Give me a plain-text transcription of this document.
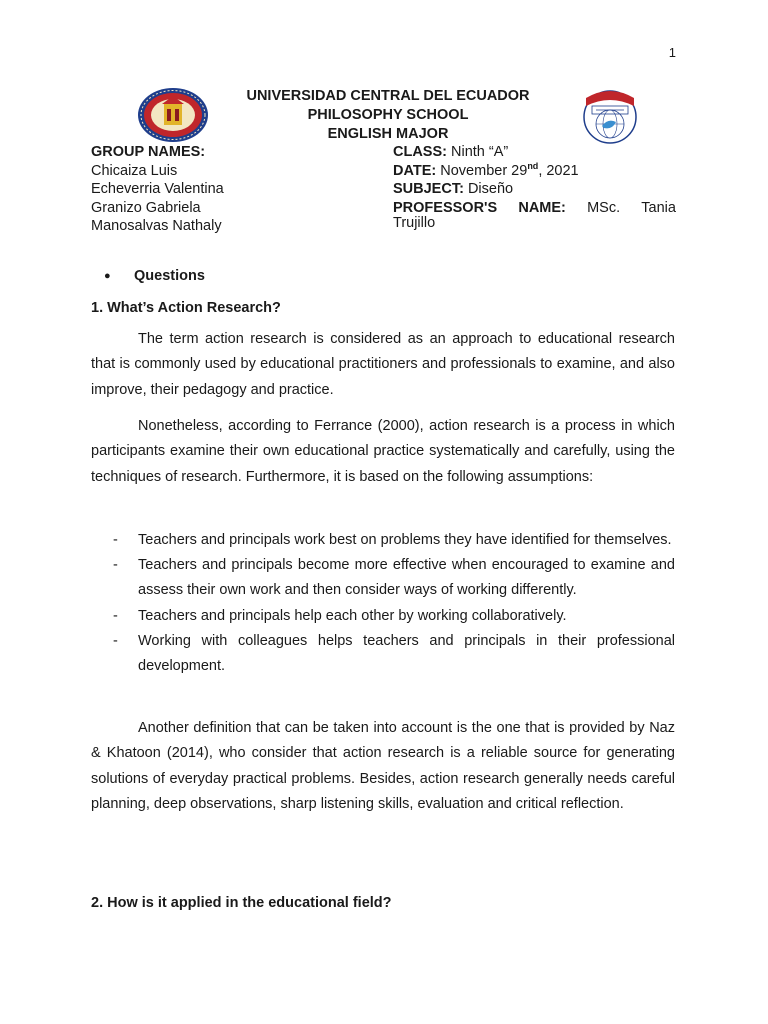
1
UNIVERSIDAD CENTRAL DEL ECUADOR
PHILOSOPHY SCHOOL
ENGLISH MAJOR
GROUP NAMES:
Chicaiza Luis
Echeverria Valentina
Granizo Gabriela
Manosalvas Nathaly
CLASS: Ninth “A”
DATE: November 29nd, 2021
SUBJECT: Diseño
PROFESSOR'S NAME: MSc. Tania
Trujillo
● Questions
1. What’s Action Research?

The term action research is considered as an approach to educational research that is commonly used by educational practitioners and professionals to examine, and also improve, their pedagogy and practice.

Nonetheless, according to Ferrance (2000), action research is a process in which participants examine their own educational practice systematically and carefully, using the techniques of research. Furthermore, it is based on the following assumptions:

- Teachers and principals work best on problems they have identified for themselves.
- Teachers and principals become more effective when encouraged to examine and assess their own work and then consider ways of working differently.
- Teachers and principals help each other by working collaboratively.
- Working with colleagues helps teachers and principals in their professional development.

Another definition that can be taken into account is the one that is provided by Naz & Khatoon (2014), who consider that action research is a reliable source for generating solutions of everyday practical problems. Besides, action research generally needs careful planning, deep observations, sharp listening skills, evaluation and critical reflection.

2. How is it applied in the educational field?
